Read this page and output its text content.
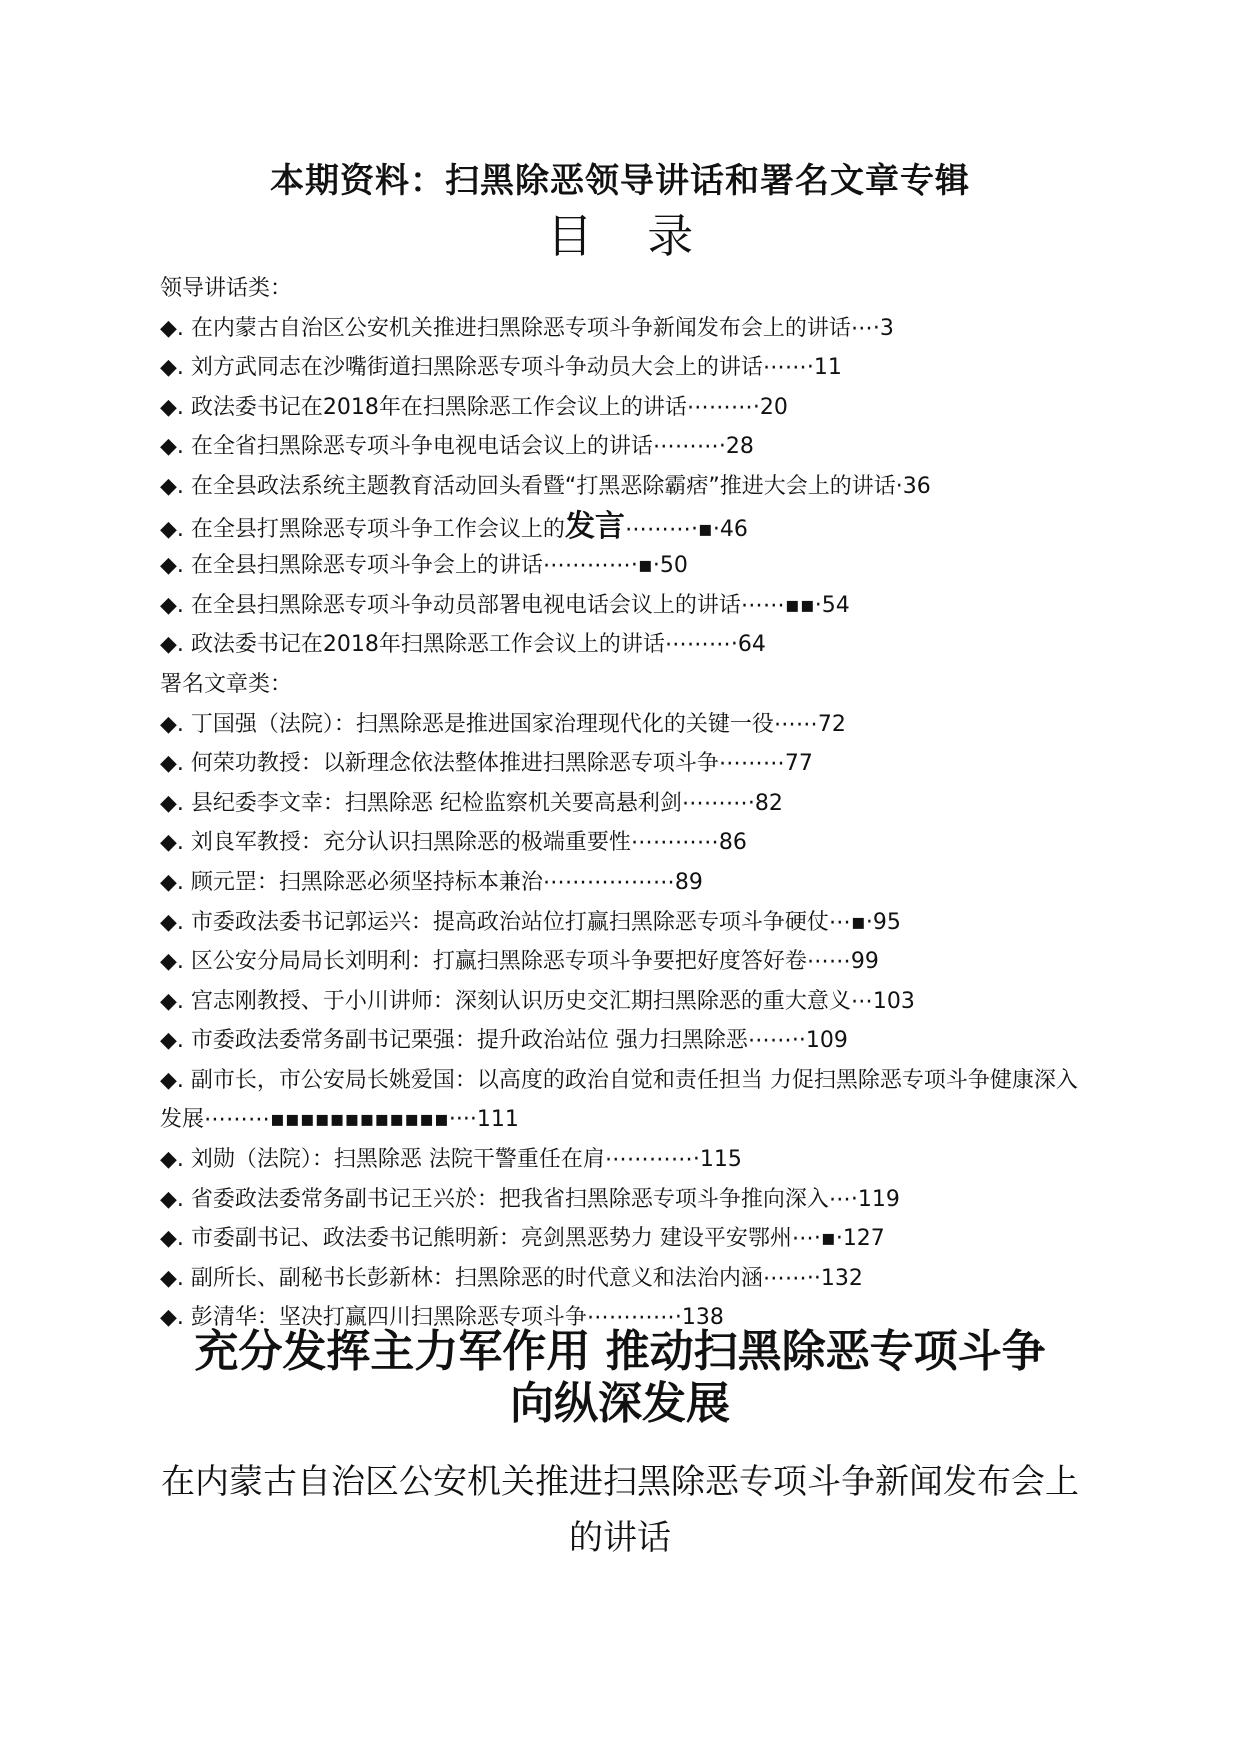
本期资料：扫黑除恶领导讲话和署名文章专辑
目 录
领导讲话类：
◆. 在内蒙古自治区公安机关推进扫黑除恶专项斗争新闻发布会上的讲话⋯·3
◆. 刘方武同志在沙嘴街道扫黑除恶专项斗争动员大会上的讲话⋯⋯·11
◆. 政法委书记在2018年在扫黑除恶工作会议上的讲话⋯⋯⋯·20
◆. 在全省扫黑除恶专项斗争电视电话会议上的讲话⋯⋯⋯·28
◆. 在全县政法系统主题教育活动回头看暨“打黑恶除霸痞”推进大会上的讲话·36
◆. 在全县打黑除恶专项斗争工作会议上的发言⋯⋯⋯·▪·46
◆. 在全县扫黑除恶专项斗争会上的讲话⋯⋯⋯⋯·▪·50
◆. 在全县扫黑除恶专项斗争动员部署电视电话会议上的讲话⋯⋯▪▪·54
◆. 政法委书记在2018年扫黑除恶工作会议上的讲话⋯⋯⋯·64
署名文章类：
◆. 丁国强（法院）：扫黑除恶是推进国家治理现代化的关键一役⋯⋯72
◆. 何荣功教授：以新理念依法整体推进扫黑除恶专项斗争⋯⋯⋯77
◆. 县纪委李文幸：扫黑除恶 纪检监察机关要高悬利剑⋯⋯⋯·82
◆. 刘良军教授：充分认识扫黑除恶的极端重要性⋯⋯⋯⋯86
◆. 顾元罡：扫黑除恶必须坚持标本兼治⋯⋯⋯⋯⋯⋯89
◆. 市委政法委书记郭运兴：提高政治站位打赢扫黑除恶专项斗争硬仗⋯▪·95
◆. 区公安分局局长刘明利：打赢扫黑除恶专项斗争要把好度答好卷⋯⋯99
◆. 宫志刚教授、于小川讲师：深刻认识历史交汇期扫黑除恶的重大意义⋯103
◆. 市委政法委常务副书记栗强：提升政治站位 强力扫黑除恶⋯⋯··109
◆. 副市长，市公安局长姚爱国：以高度的政治自觉和责任担当 力促扫黑除恶专项斗争健康深入发展⋯⋯⋯▪▪▪▪▪▪▪▪▪▪▪▪····111
◆. 刘勋（法院）：扫黑除恶 法院干警重任在肩⋯⋯⋯⋯·115
◆. 省委政法委常务副书记王兴於：把我省扫黑除恶专项斗争推向深入⋯·119
◆. 市委副书记、政法委书记熊明新：亮剑黑恶势力 建设平安鄂州⋯·▪·127
◆. 副所长、副秘书长彭新林：扫黑除恶的时代意义和法治内涵⋯⋯··132
◆. 彭清华：坚决打赢四川扫黑除恶专项斗争⋯⋯⋯⋯·138
充分发挥主力军作用 推动扫黑除恶专项斗争
向纵深发展
在内蒙古自治区公安机关推进扫黑除恶专项斗争新闻发布会上
的讲话
